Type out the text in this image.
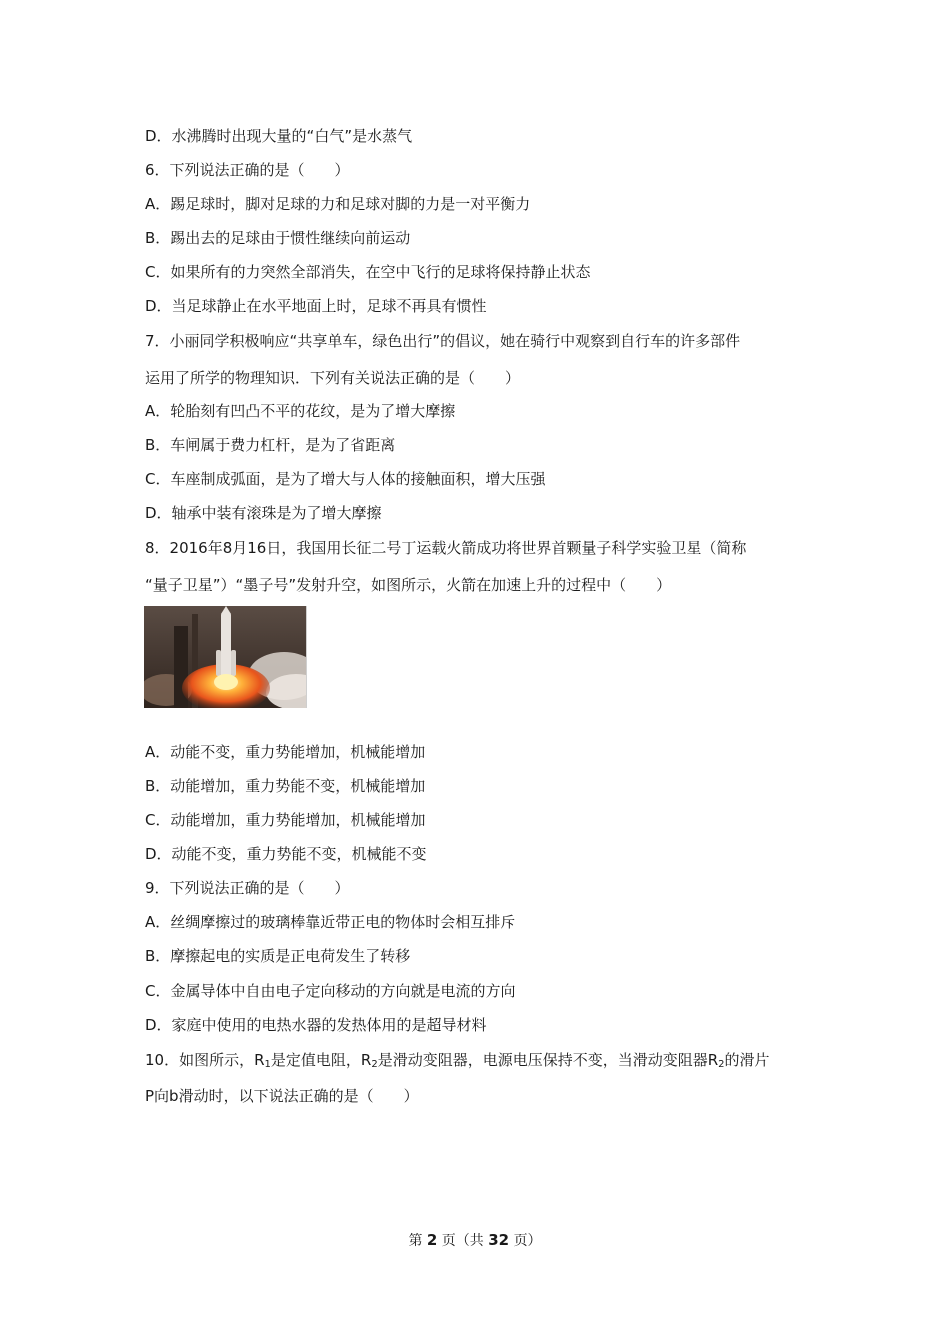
D．水沸腾时出现大量的“白气”是水蒸气
6．下列说法正确的是（　　）
A．踢足球时，脚对足球的力和足球对脚的力是一对平衡力
B．踢出去的足球由于惯性继续向前运动
C．如果所有的力突然全部消失，在空中飞行的足球将保持静止状态
D．当足球静止在水平地面上时，足球不再具有惯性
7．小丽同学积极响应“共享单车，绿色出行”的倡议，她在骑行中观察到自行车的许多部件
运用了所学的物理知识．下列有关说法正确的是（　　）
A．轮胎刻有凹凸不平的花纹，是为了增大摩擦
B．车闸属于费力杠杆，是为了省距离
C．车座制成弧面，是为了增大与人体的接触面积，增大压强
D．轴承中装有滚珠是为了增大摩擦
8．2016年8月16日，我国用长征二号丁运载火箭成功将世界首颗量子科学实验卫星（简称
“量子卫星”）“墨子号”发射升空，如图所示，火箭在加速上升的过程中（　　）
A．动能不变，重力势能增加，机械能增加
B．动能增加，重力势能不变，机械能增加
C．动能增加，重力势能增加，机械能增加
D．动能不变，重力势能不变，机械能不变
9．下列说法正确的是（　　）
A．丝绸摩擦过的玻璃棒靠近带正电的物体时会相互排斥
B．摩擦起电的实质是正电荷发生了转移
C．金属导体中自由电子定向移动的方向就是电流的方向
D．家庭中使用的电热水器的发热体用的是超导材料
10．如图所示，$R_1$是定值电阻，$R_2$是滑动变阻器，电源电压保持不变，当滑动变阻器$R_2$的滑片
P向b滑动时，以下说法正确的是（　　）
第 2 页（共 32 页）
